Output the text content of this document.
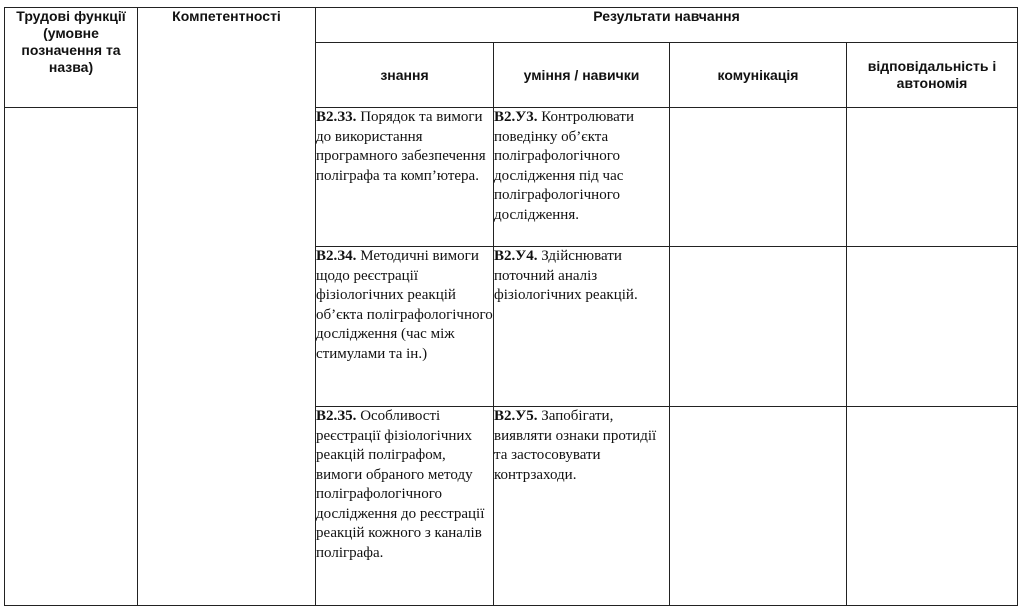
Трудові функції (умовне позначення та назва)	Компетентності	Результати навчання			
		знання	уміння / навички	комунікація	відповідальність і автономія
		В2.З3. Порядок та вимоги до використання програмного забезпечення поліграфа та комп’ютера.	В2.У3. Контролювати поведінку об’єкта поліграфологічного дослідження під час поліграфологічного дослідження.		
		В2.З4. Методичні вимоги щодо реєстрації фізіологічних реакцій об’єкта поліграфологічного дослідження (час між стимулами та ін.)	В2.У4. Здійснювати поточний аналіз фізіологічних реакцій.		
		В2.З5. Особливості реєстрації фізіологічних реакцій поліграфом, вимоги обраного методу поліграфологічного дослідження до реєстрації реакцій кожного з каналів поліграфа.	В2.У5. Запобігати, виявляти ознаки протидії та застосовувати контрзаходи.		
